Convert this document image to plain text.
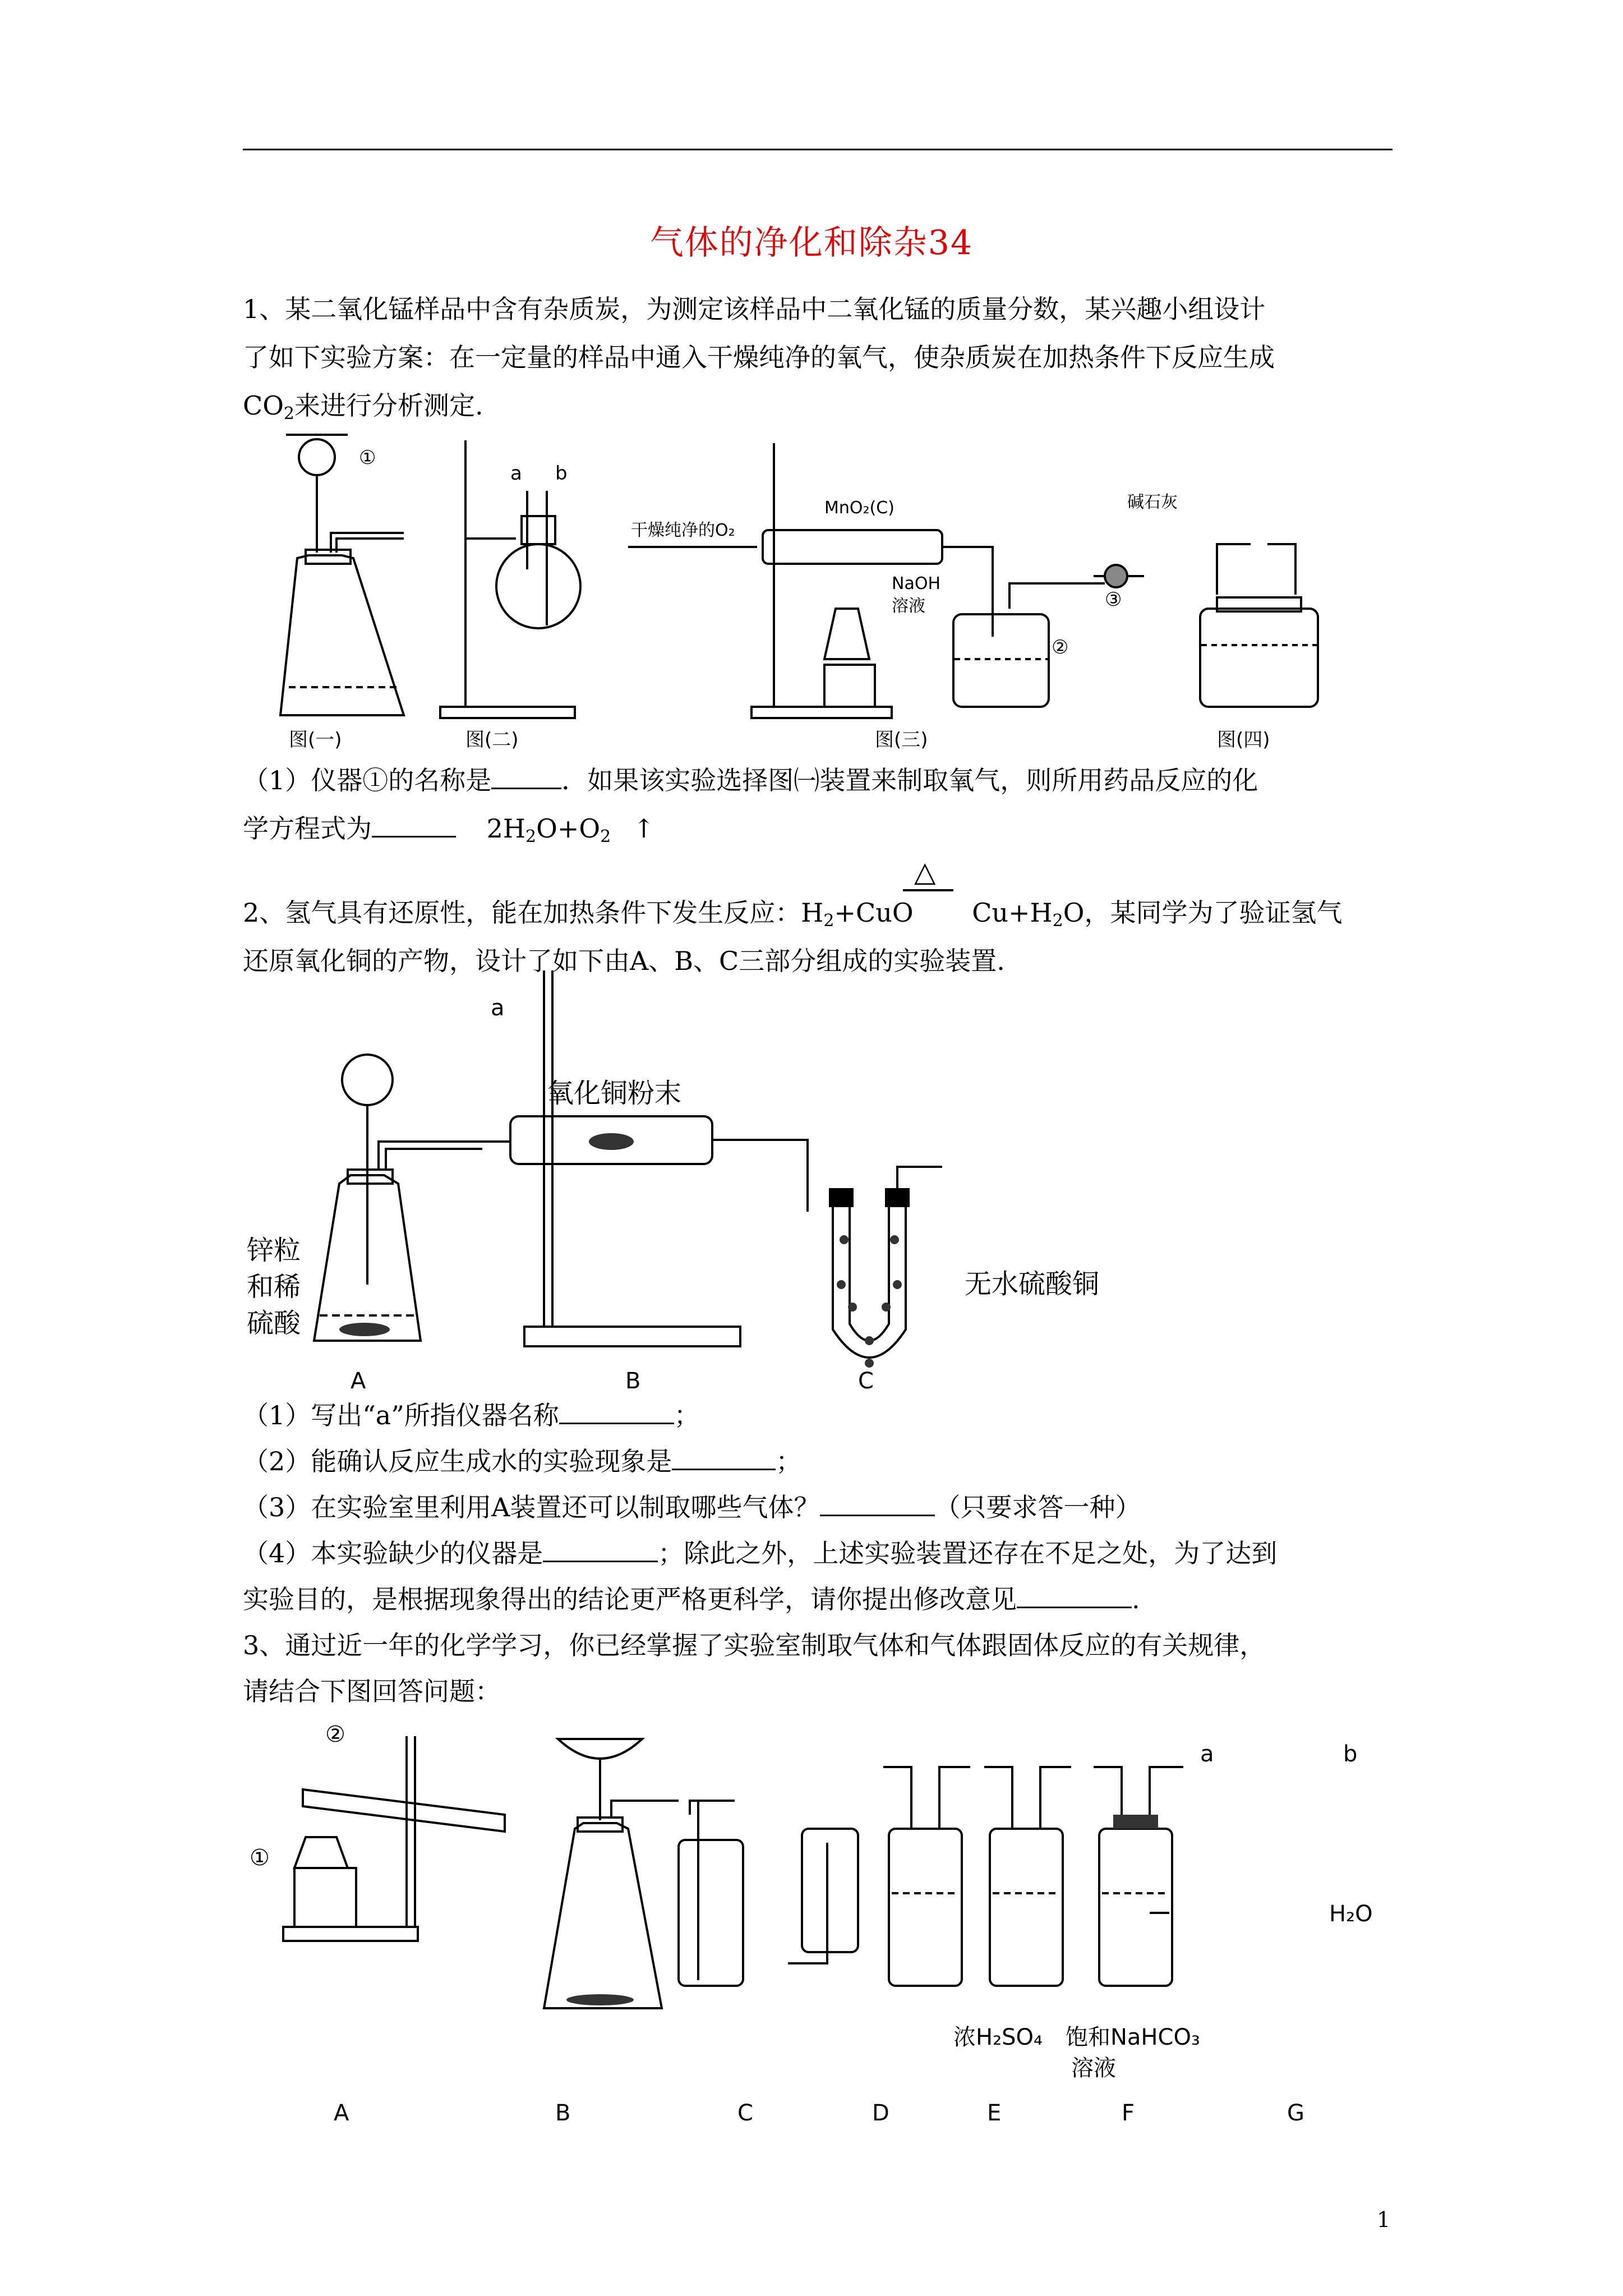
气体的净化和除杂34
1、某二氧化锰样品中含有杂质炭，为测定该样品中二氧化锰的质量分数，某兴趣小组设计
了如下实验方案：在一定量的样品中通入干燥纯净的氧气，使杂质炭在加热条件下反应生成
$CO_2$来进行分析测定.
①
a b
干燥纯净的O₂
MnO₂(C)	碱石灰
NaOH
溶液
②
③
图(一)	图(二)	图(三)	图(四)
（1）仪器①的名称是	．如果该实验选择图㈠装置来制取氧气，则所用药品反应的化
学方程式为	$2H_2O+O_2$ ↑
△
2、氢气具有还原性，能在加热条件下发生反应：$H_2+CuO$ $Cu+H_2O$，某同学为了验证氢气
还原氧化铜的产物，设计了如下由A、B、C三部分组成的实验装置.
a
氧化铜粉末
无水硫酸铜
锌粒
和稀
硫酸
A	B	C
（1）写出“a”所指仪器名称	；
（2）能确认反应生成水的实验现象是	；
（3）在实验室里利用A装置还可以制取哪些气体？	（只要求答一种）
（4）本实验缺少的仪器是	；除此之外，上述实验装置还存在不足之处，为了达到
实验目的，是根据现象得出的结论更严格更科学，请你提出修改意见	.
3、通过近一年的化学学习，你已经掌握了实验室制取气体和气体跟固体反应的有关规律，
请结合下图回答问题：
②
①
a	b
H₂O
浓H₂SO₄ 饱和NaHCO₃
溶液
A	B	C	D	E	F	G
1
